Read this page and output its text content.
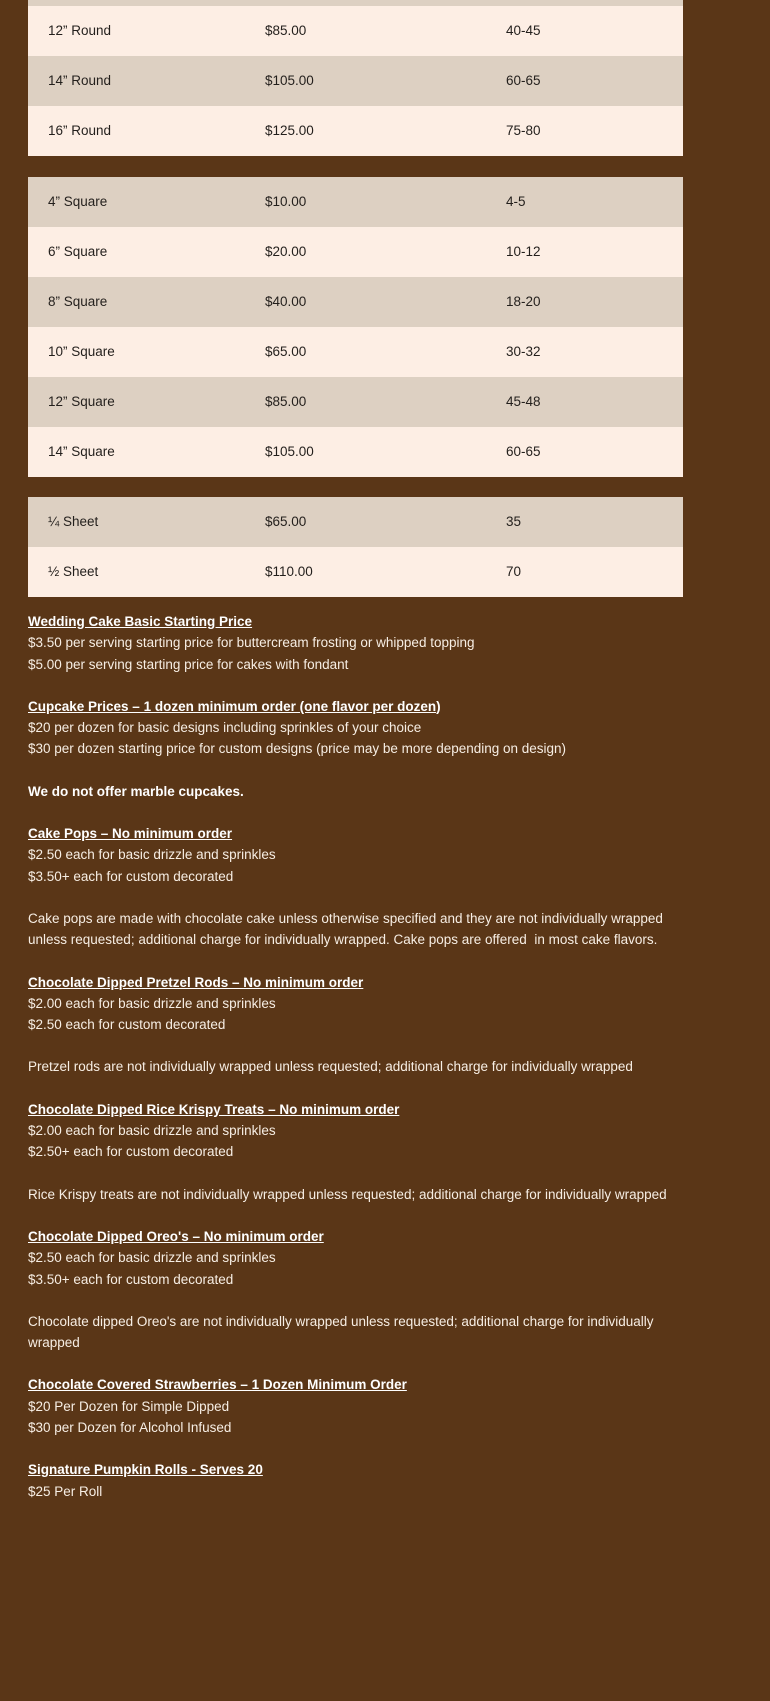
12” Round	$85.00	40-45
14” Round	$105.00	60-65
16” Round	$125.00	75-80
4” Square	$10.00	4-5
6” Square	$20.00	10-12
8” Square	$40.00	18-20
10” Square	$65.00	30-32
12” Square	$85.00	45-48
14” Square	$105.00	60-65
¼ Sheet	$65.00	35
½ Sheet	$110.00	70
Wedding Cake Basic Starting Price

$3.50 per serving starting price for buttercream frosting or whipped topping

$5.00 per serving starting price for cakes with fondant

Cupcake Prices – 1 dozen minimum order (one flavor per dozen)

$20 per dozen for basic designs including sprinkles of your choice

$30 per dozen starting price for custom designs (price may be more depending on design)

We do not offer marble cupcakes.

Cake Pops – No minimum order

$2.50 each for basic drizzle and sprinkles

$3.50+ each for custom decorated

Cake pops are made with chocolate cake unless otherwise specified and they are not individually wrapped unless requested; additional charge for individually wrapped. Cake pops are offered  in most cake flavors.

Chocolate Dipped Pretzel Rods – No minimum order

$2.00 each for basic drizzle and sprinkles

$2.50 each for custom decorated

Pretzel rods are not individually wrapped unless requested; additional charge for individually wrapped

Chocolate Dipped Rice Krispy Treats – No minimum order

$2.00 each for basic drizzle and sprinkles

$2.50+ each for custom decorated

Rice Krispy treats are not individually wrapped unless requested; additional charge for individually wrapped

Chocolate Dipped Oreo's – No minimum order

$2.50 each for basic drizzle and sprinkles

$3.50+ each for custom decorated

Chocolate dipped Oreo's are not individually wrapped unless requested; additional charge for individually wrapped

Chocolate Covered Strawberries – 1 Dozen Minimum Order

$20 Per Dozen for Simple Dipped

$30 per Dozen for Alcohol Infused

Signature Pumpkin Rolls - Serves 20

$25 Per Roll
